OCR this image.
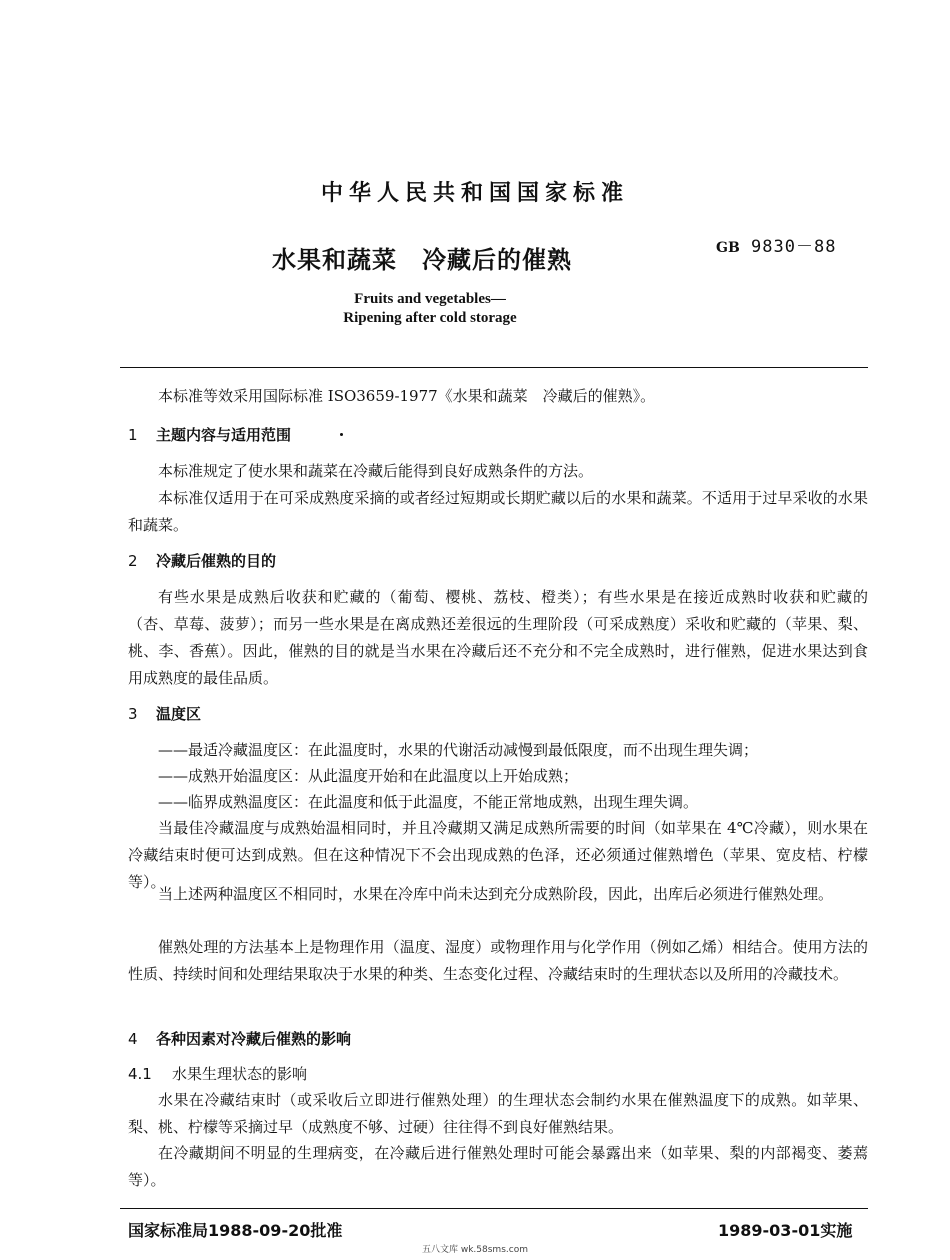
中华人民共和国国家标准
GB 9830－88
水果和蔬菜　冷藏后的催熟
Fruits and vegetables—
Ripening after cold storage
本标准等效采用国际标准 ISO3659-1977《水果和蔬菜　冷藏后的催熟》。
1 主题内容与适用范围
本标准规定了使水果和蔬菜在冷藏后能得到良好成熟条件的方法。
本标准仅适用于在可采成熟度采摘的或者经过短期或长期贮藏以后的水果和蔬菜。不适用于过早采收的水果和蔬菜。
2 冷藏后催熟的目的
有些水果是成熟后收获和贮藏的（葡萄、樱桃、荔枝、橙类）；有些水果是在接近成熟时收获和贮藏的（杏、草莓、菠萝）；而另一些水果是在离成熟还差很远的生理阶段（可采成熟度）采收和贮藏的（苹果、梨、桃、李、香蕉）。因此，催熟的目的就是当水果在冷藏后还不充分和不完全成熟时，进行催熟，促进水果达到食用成熟度的最佳品质。
3 温度区
——最适冷藏温度区：在此温度时，水果的代谢活动减慢到最低限度，而不出现生理失调；
——成熟开始温度区：从此温度开始和在此温度以上开始成熟；
——临界成熟温度区：在此温度和低于此温度，不能正常地成熟，出现生理失调。
当最佳冷藏温度与成熟始温相同时，并且冷藏期又满足成熟所需要的时间（如苹果在 4℃冷藏），则水果在冷藏结束时便可达到成熟。但在这种情况下不会出现成熟的色泽，还必须通过催熟增色（苹果、宽皮桔、柠檬等）。
当上述两种温度区不相同时，水果在冷库中尚未达到充分成熟阶段，因此，出库后必须进行催熟处理。
催熟处理的方法基本上是物理作用（温度、湿度）或物理作用与化学作用（例如乙烯）相结合。使用方法的性质、持续时间和处理结果取决于水果的种类、生态变化过程、冷藏结束时的生理状态以及所用的冷藏技术。
4 各种因素对冷藏后催熟的影响
4.1 水果生理状态的影响
水果在冷藏结束时（或采收后立即进行催熟处理）的生理状态会制约水果在催熟温度下的成熟。如苹果、梨、桃、柠檬等采摘过早（成熟度不够、过硬）往往得不到良好催熟结果。
在冷藏期间不明显的生理病变，在冷藏后进行催熟处理时可能会暴露出来（如苹果、梨的内部褐变、萎蔫等）。
国家标准局1988-09-20批准	1989-03-01实施
五八文库 wk.58sms.com
